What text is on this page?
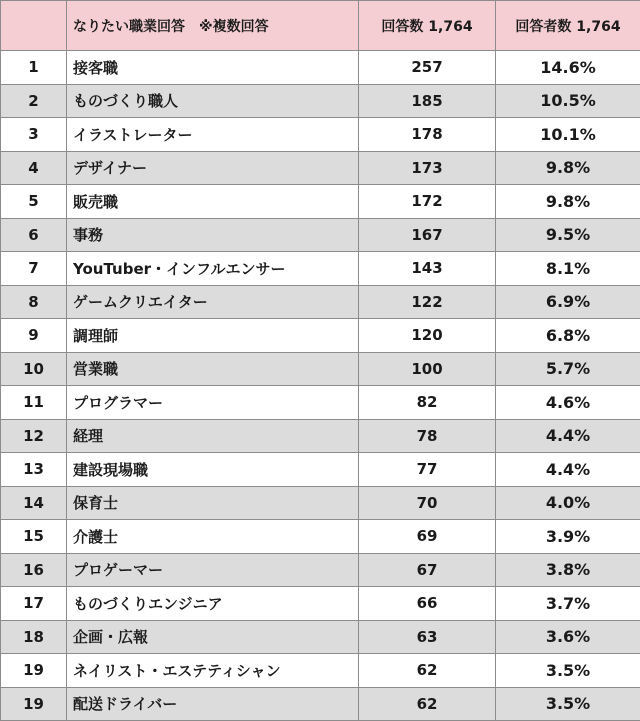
	なりたい職業回答　※複数回答	回答数 1,764	回答者数 1,764
1	接客職	257	14.6%
2	ものづくり職人	185	10.5%
3	イラストレーター	178	10.1%
4	デザイナー	173	9.8%
5	販売職	172	9.8%
6	事務	167	9.5%
7	YouTuber・インフルエンサー	143	8.1%
8	ゲームクリエイター	122	6.9%
9	調理師	120	6.8%
10	営業職	100	5.7%
11	プログラマー	82	4.6%
12	経理	78	4.4%
13	建設現場職	77	4.4%
14	保育士	70	4.0%
15	介護士	69	3.9%
16	プロゲーマー	67	3.8%
17	ものづくりエンジニア	66	3.7%
18	企画・広報	63	3.6%
19	ネイリスト・エステティシャン	62	3.5%
19	配送ドライバー	62	3.5%
